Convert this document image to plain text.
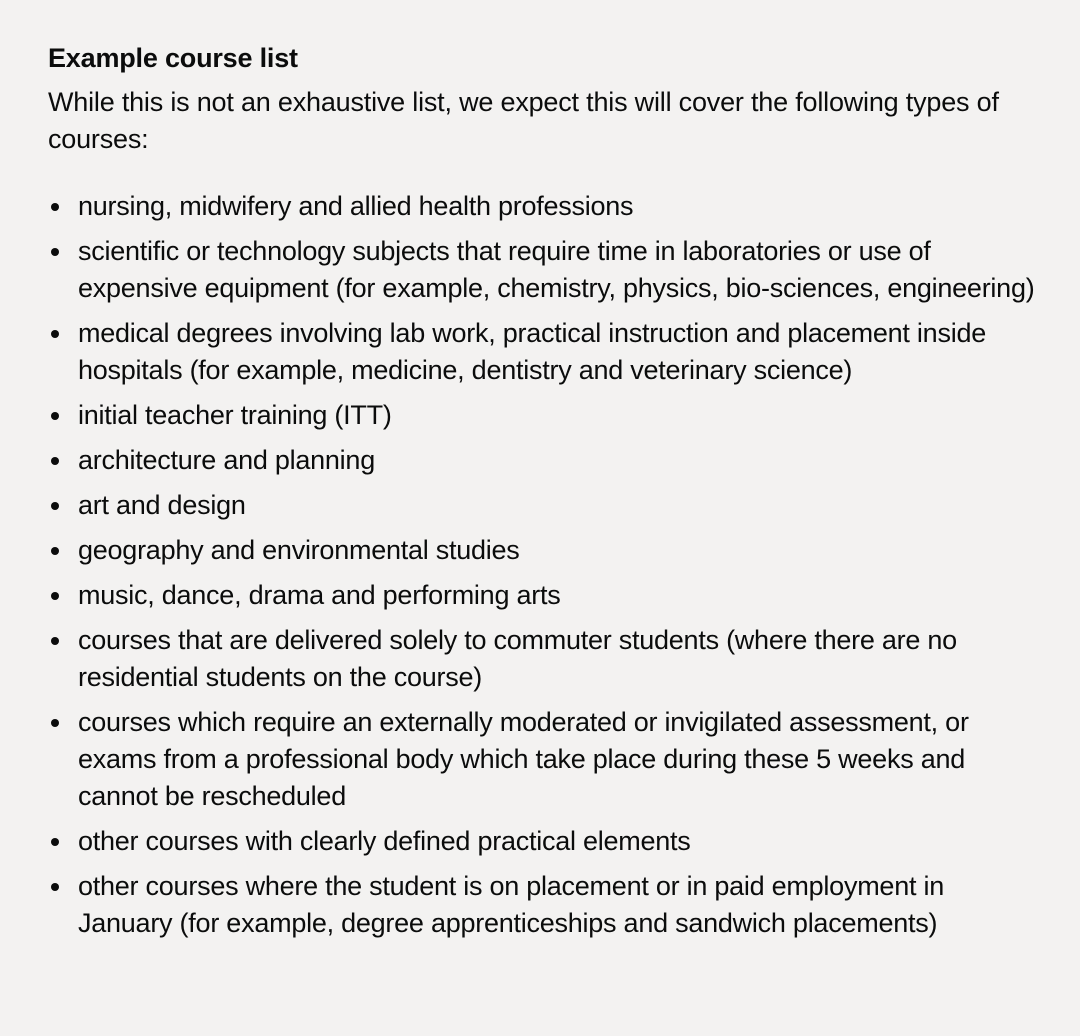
Example course list

While this is not an exhaustive list, we expect this will cover the following types of courses:

nursing, midwifery and allied health professions
scientific or technology subjects that require time in laboratories or use of expensive equipment (for example, chemistry, physics, bio-sciences, engineering)
medical degrees involving lab work, practical instruction and placement inside hospitals (for example, medicine, dentistry and veterinary science)
initial teacher training (ITT)
architecture and planning
art and design
geography and environmental studies
music, dance, drama and performing arts
courses that are delivered solely to commuter students (where there are no residential students on the course)
courses which require an externally moderated or invigilated assessment, or exams from a professional body which take place during these 5 weeks and cannot be rescheduled
other courses with clearly defined practical elements
other courses where the student is on placement or in paid employment in January (for example, degree apprenticeships and sandwich placements)
